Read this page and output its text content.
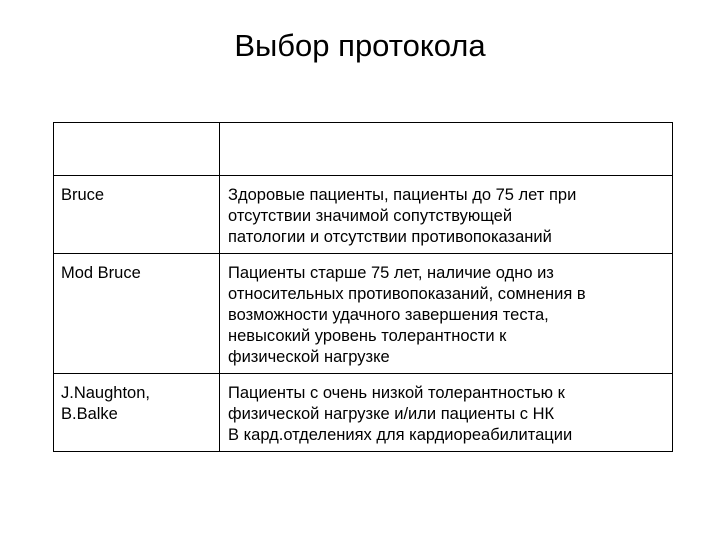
Выбор протокола

Bruce	Здоровые пациенты, пациенты до 75 лет при
отсутствии значимой сопутствующей
патологии и отсутствии противопоказаний

Mod Bruce	Пациенты старше 75 лет, наличие одно из
относительных противопоказаний, сомнения в
возможности удачного завершения теста,
невысокий уровень толерантности к
физической нагрузке

J.Naughton,
B.Balke	Пациенты с очень низкой толерантностью к
физической нагрузке и/или пациенты с НК
В кард.отделениях для кардиореабилитации
